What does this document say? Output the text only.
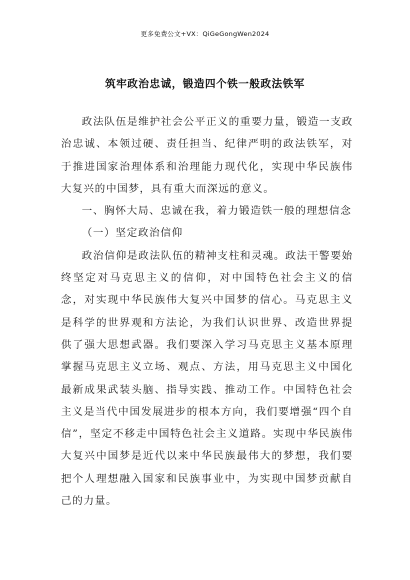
更多免费公文+VX：QiGeGongWen2024
筑牢政治忠诚，锻造四个铁一般政法铁军

政法队伍是维护社会公平正义的重要力量，锻造一支政治忠诚、本领过硬、责任担当、纪律严明的政法铁军，对于推进国家治理体系和治理能力现代化，实现中华民族伟大复兴的中国梦，具有重大而深远的意义。

一、胸怀大局、忠诚在我，着力锻造铁一般的理想信念

（一）坚定政治信仰

政治信仰是政法队伍的精神支柱和灵魂。政法干警要始终坚定对马克思主义的信仰，对中国特色社会主义的信念，对实现中华民族伟大复兴中国梦的信心。马克思主义是科学的世界观和方法论，为我们认识世界、改造世界提供了强大思想武器。我们要深入学习马克思主义基本原理掌握马克思主义立场、观点、方法，用马克思主义中国化最新成果武装头脑、指导实践、推动工作。中国特色社会主义是当代中国发展进步的根本方向，我们要增强“四个自信”，坚定不移走中国特色社会主义道路。实现中华民族伟大复兴中国梦是近代以来中华民族最伟大的梦想，我们要把个人理想融入国家和民族事业中，为实现中国梦贡献自己的力量。
